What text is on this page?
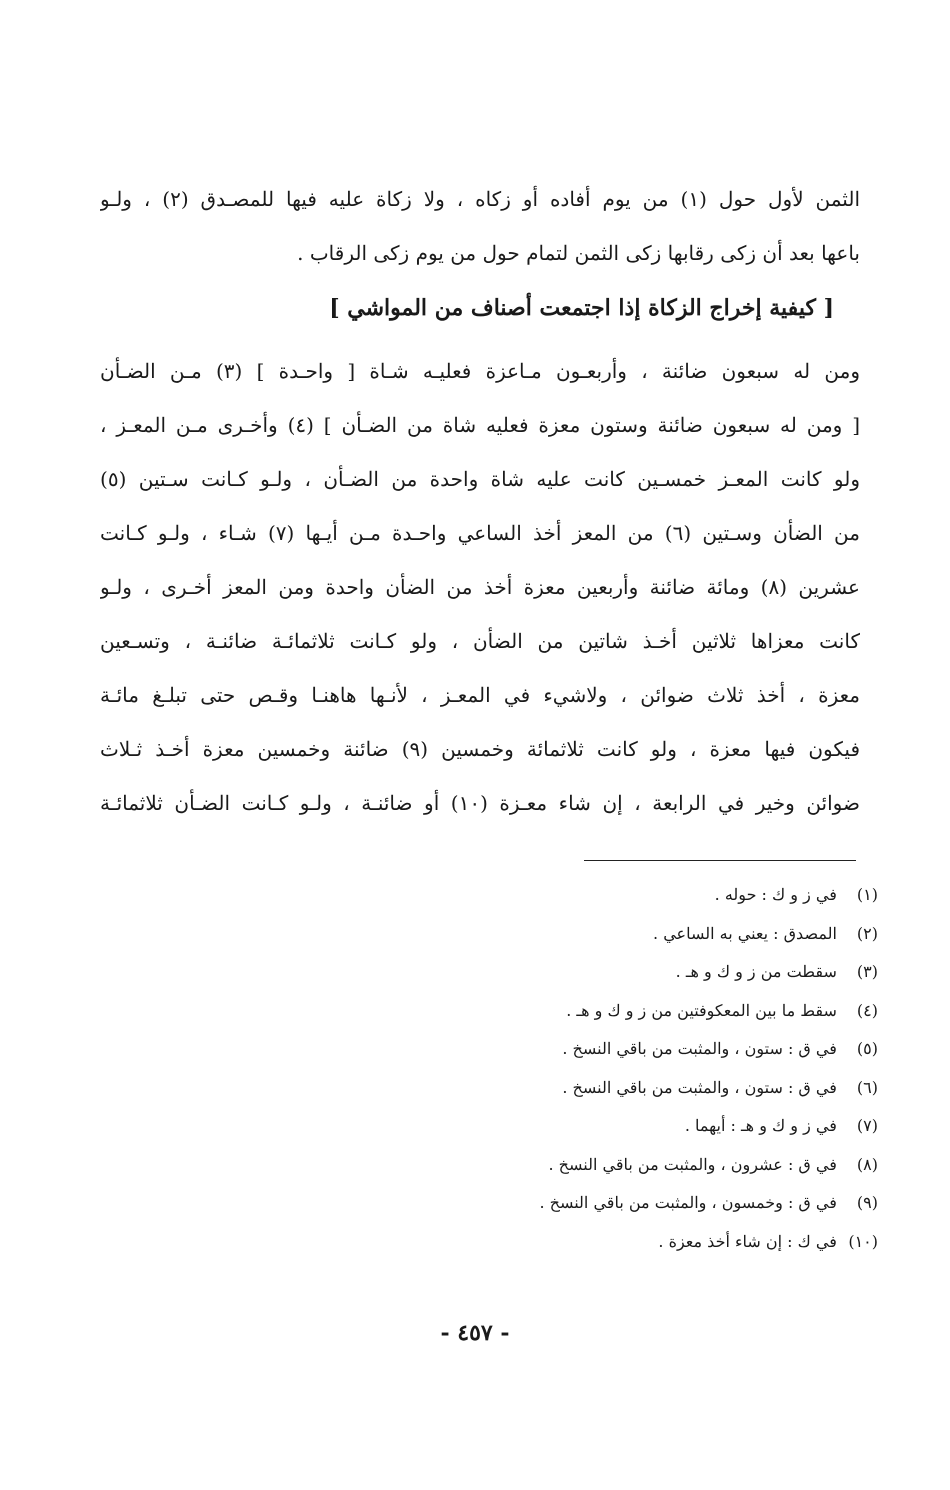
الثمن لأول حول (١) من يوم أفاده أو زكاه ، ولا زكاة عليه فيها للمصـدق (٢) ، ولـو
باعها بعد أن زكى رقابها زكى الثمن لتمام حول من يوم زكى الرقاب .
[ كيفية إخراج الزكاة إذا اجتمعت أصناف من المواشي ]
ومن له سبعون ضائنة ، وأربعـون مـاعزة فعليـه شـاة [ واحـدة ] (٣) مـن الضـأن
[ ومن له سبعون ضائنة وستون معزة فعليه شاة من الضـأن ] (٤) وأخـرى مـن المعـز ،
ولو كانت المعـز خمسـين كانت عليه شاة واحدة من الضـأن ، ولـو كـانت سـتين (٥)
من الضأن وسـتين (٦) من المعز أخذ الساعي واحـدة مـن أيـها (٧) شـاء ، ولـو كـانت
عشرين (٨) ومائة ضائنة وأربعين معزة أخذ من الضأن واحدة ومن المعز أخـرى ، ولـو
كانت معزاها ثلاثين أخـذ شاتين من الضأن ، ولو كـانت ثلاثمائـة ضائنـة ، وتسـعين
معزة ، أخذ ثلاث ضوائن ، ولاشيء في المعـز ، لأنـها هاهنـا وقـص حتى تبلـغ مائـة
فيكون فيها معزة ، ولو كانت ثلاثمائة وخمسين (٩) ضائنة وخمسين معزة أخـذ ثـلاث
ضوائن وخير في الرابعة ، إن شاء معـزة (١٠) أو ضائنـة ، ولـو كـانت الضـأن ثلاثمائـة
(١) في ز و ك : حوله .
(٢) المصدق : يعني به الساعي .
(٣) سقطت من ز و ك و هـ .
(٤) سقط ما بين المعكوفتين من ز و ك و هـ .
(٥) في ق : ستون ، والمثبت من باقي النسخ .
(٦) في ق : ستون ، والمثبت من باقي النسخ .
(٧) في ز و ك و هـ : أيهما .
(٨) في ق : عشرون ، والمثبت من باقي النسخ .
(٩) في ق : وخمسون ، والمثبت من باقي النسخ .
(١٠) في ك : إن شاء أخذ معزة .
- ٤٥٧ -
